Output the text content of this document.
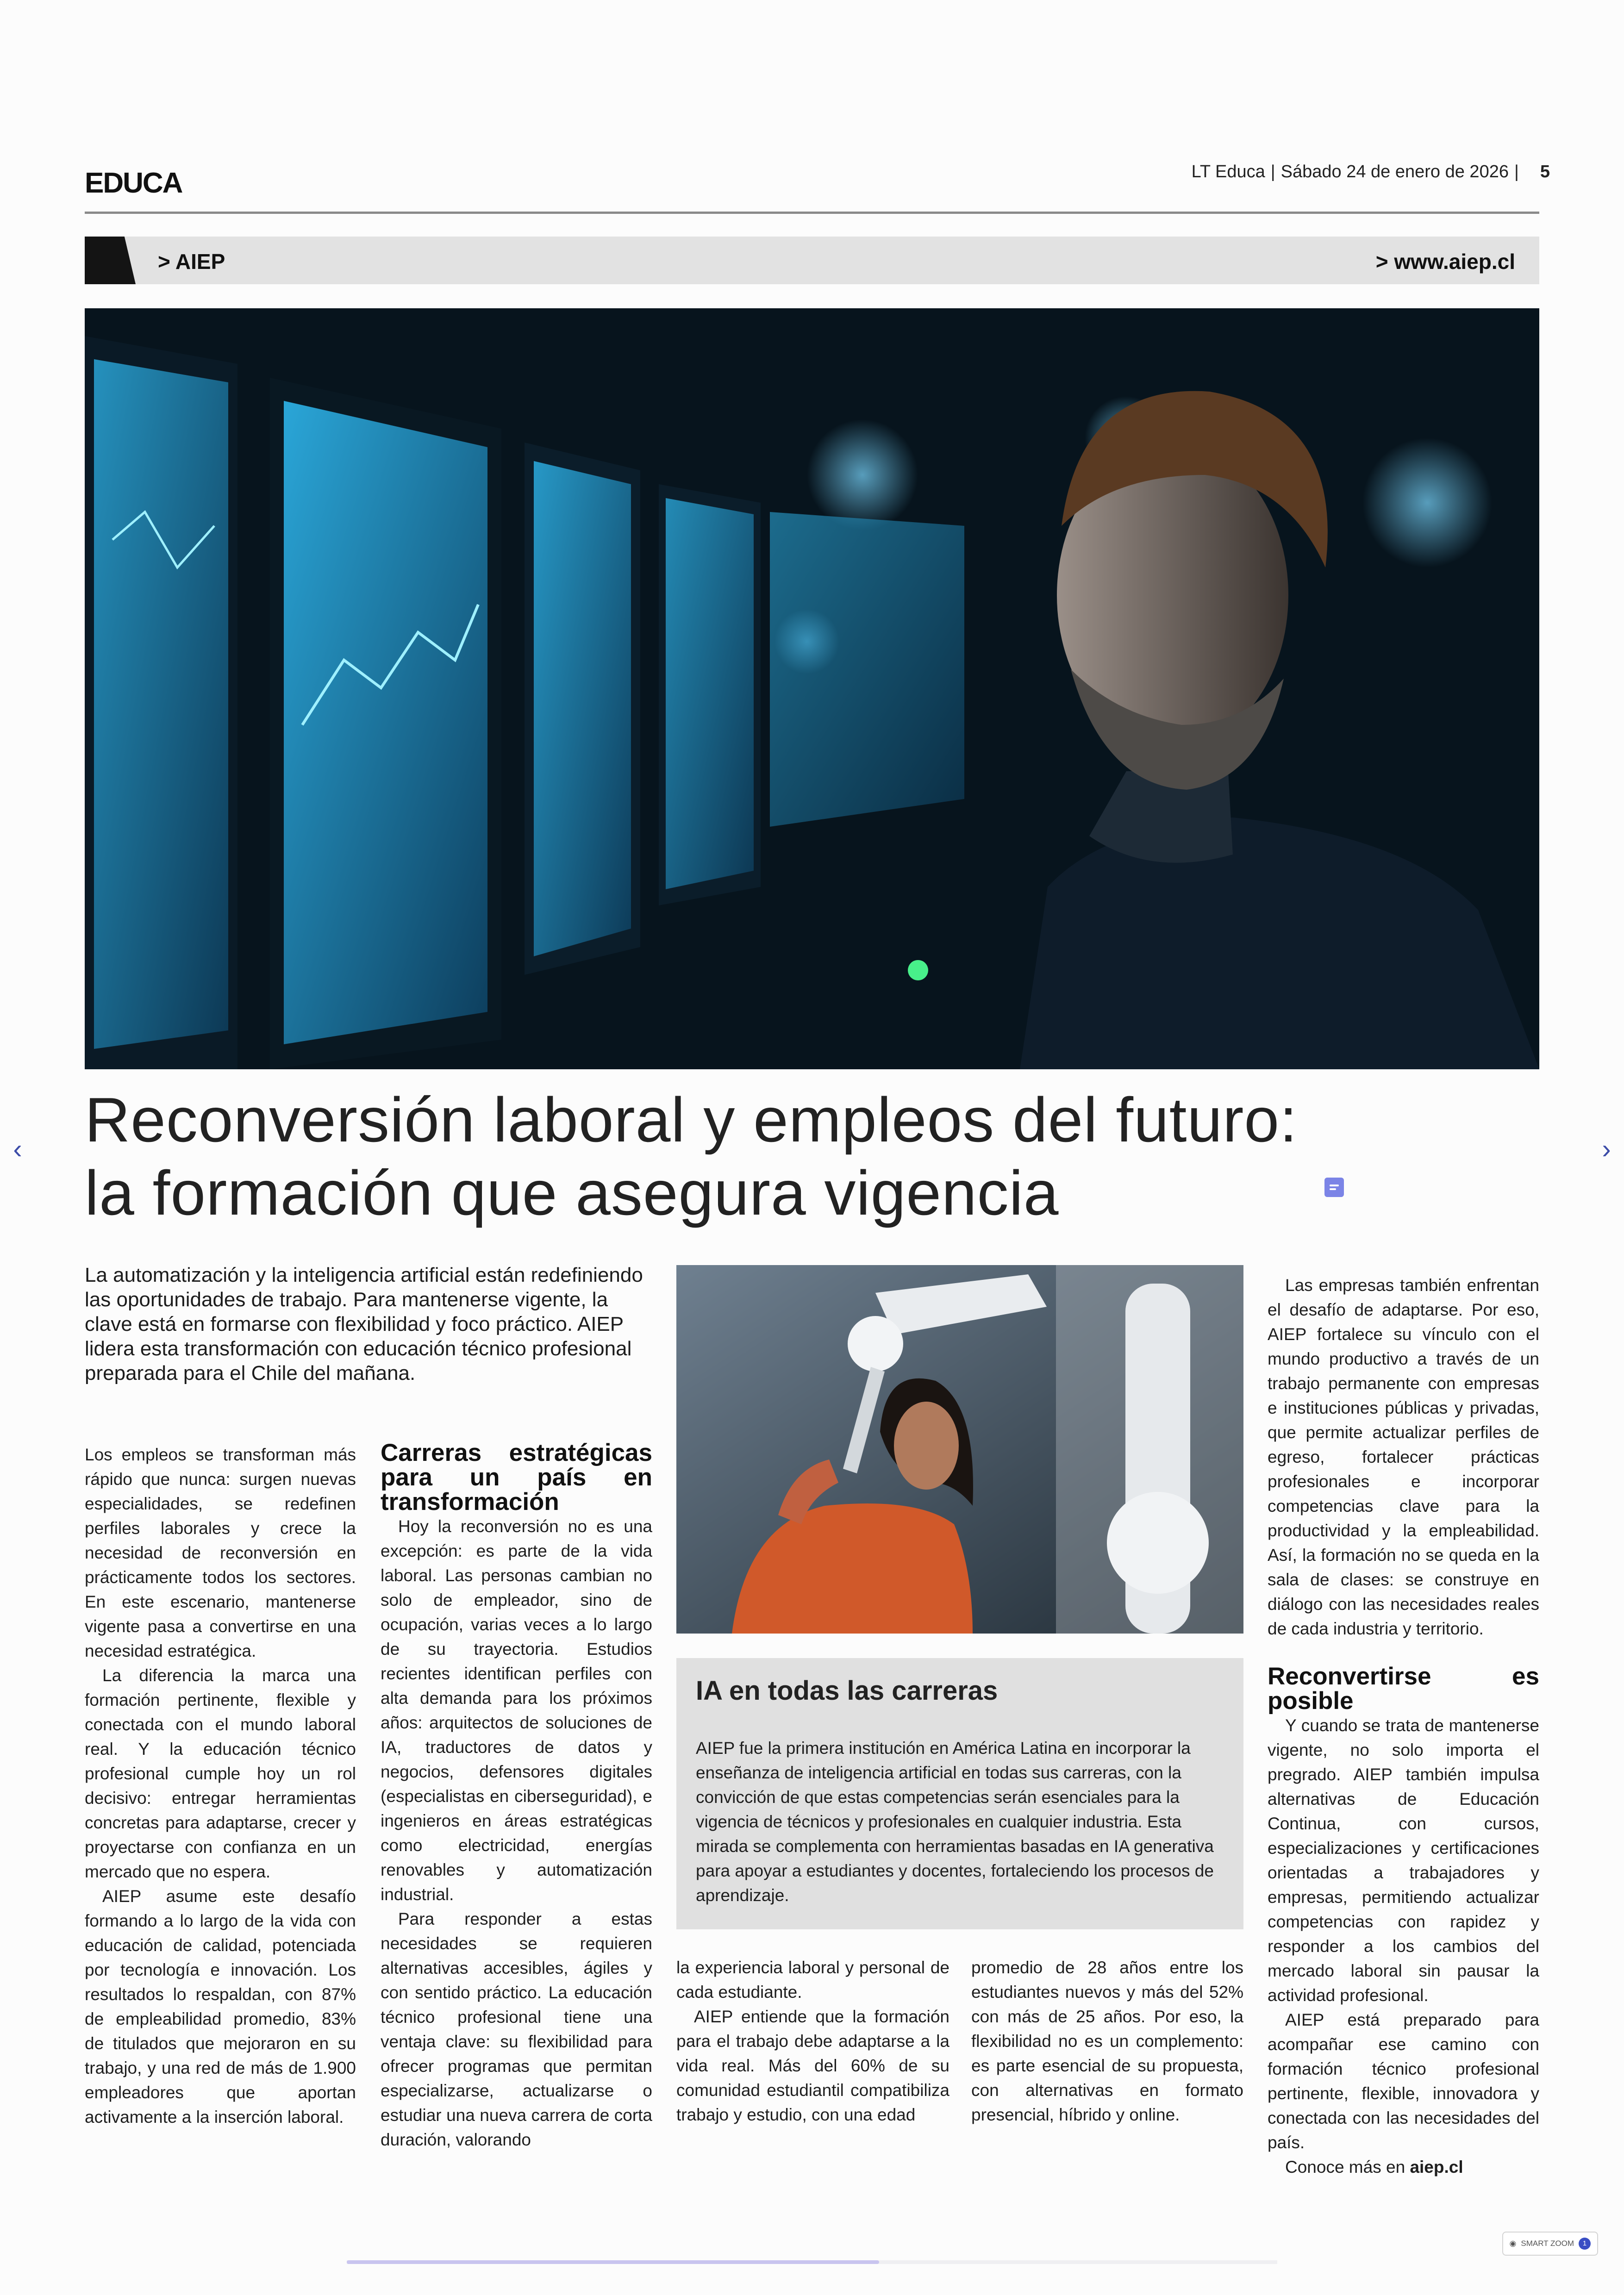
EDUCA	LT Educa | Sábado 24 de enero de 2026 | 5
> AIEP	> www.aiep.cl
Reconversión laboral y empleos del futuro:
la formación que asegura vigencia
‹	›

La automatización y la inteligencia artificial están redefiniendo las oportunidades de trabajo. Para mantenerse vigente, la clave está en formarse con flexibilidad y foco práctico. AIEP lidera esta transformación con educación técnico profesional preparada para el Chile del mañana.

Los empleos se transforman más rápido que nunca: surgen nuevas especialidades, se redefinen perfiles laborales y crece la necesidad de reconversión en prácticamente todos los sectores. En este escenario, mantenerse vigente pasa a convertirse en una necesidad estratégica.

La diferencia la marca una formación pertinente, flexible y conectada con el mundo laboral real. Y la educación técnico profesional cumple hoy un rol decisivo: entregar herramientas concretas para adaptarse, crecer y proyectarse con confianza en un mercado que no espera.

AIEP asume este desafío formando a lo largo de la vida con educación de calidad, potenciada por tecnología e innovación. Los resultados lo respaldan, con 87% de empleabilidad promedio, 83% de titulados que mejoraron en su trabajo, y una red de más de 1.900 empleadores que aportan activamente a la inserción laboral.

Carreras estratégicas para un país en transformación

Hoy la reconversión no es una excepción: es parte de la vida laboral. Las personas cambian no solo de empleador, sino de ocupación, varias veces a lo largo de su trayectoria. Estudios recientes identifican perfiles con alta demanda para los próximos años: arquitectos de soluciones de IA, traductores de datos y negocios, defensores digitales (especialistas en ciberseguridad), e ingenieros en áreas estratégicas como electricidad, energías renovables y automatización industrial.

Para responder a estas necesidades se requieren alternativas accesibles, ágiles y con sentido práctico. La educación técnico profesional tiene una ventaja clave: su flexibilidad para ofrecer programas que permitan especializarse, actualizarse o estudiar una nueva carrera de corta duración, valorando

IA en todas las carreras

AIEP fue la primera institución en América Latina en incorporar la enseñanza de inteligencia artificial en todas sus carreras, con la convicción de que estas competencias serán esenciales para la vigencia de técnicos y profesionales en cualquier industria. Esta mirada se complementa con herramientas basadas en IA generativa para apoyar a estudiantes y docentes, fortaleciendo los procesos de aprendizaje.

la experiencia laboral y personal de cada estudiante.

AIEP entiende que la formación para el trabajo debe adaptarse a la vida real. Más del 60% de su comunidad estudiantil compatibiliza trabajo y estudio, con una edad

promedio de 28 años entre los estudiantes nuevos y más del 52% con más de 25 años. Por eso, la flexibilidad no es un complemento: es parte esencial de su propuesta, con alternativas en formato presencial, híbrido y online.

Las empresas también enfrentan el desafío de adaptarse. Por eso, AIEP fortalece su vínculo con el mundo productivo a través de un trabajo permanente con empresas e instituciones públicas y privadas, que permite actualizar perfiles de egreso, fortalecer prácticas profesionales e incorporar competencias clave para la productividad y la empleabilidad. Así, la formación no se queda en la sala de clases: se construye en diálogo con las necesidades reales de cada industria y territorio.

Reconvertirse es posible

Y cuando se trata de mantenerse vigente, no solo importa el pregrado. AIEP también impulsa alternativas de Educación Continua, con cursos, especializaciones y certificaciones orientadas a trabajadores y empresas, permitiendo actualizar competencias con rapidez y responder a los cambios del mercado laboral sin pausar la actividad profesional.

AIEP está preparado para acompañar ese camino con formación técnico profesional pertinente, flexible, innovadora y conectada con las necesidades del país.

Conoce más en aiep.cl

◉ SMART ZOOM	1
